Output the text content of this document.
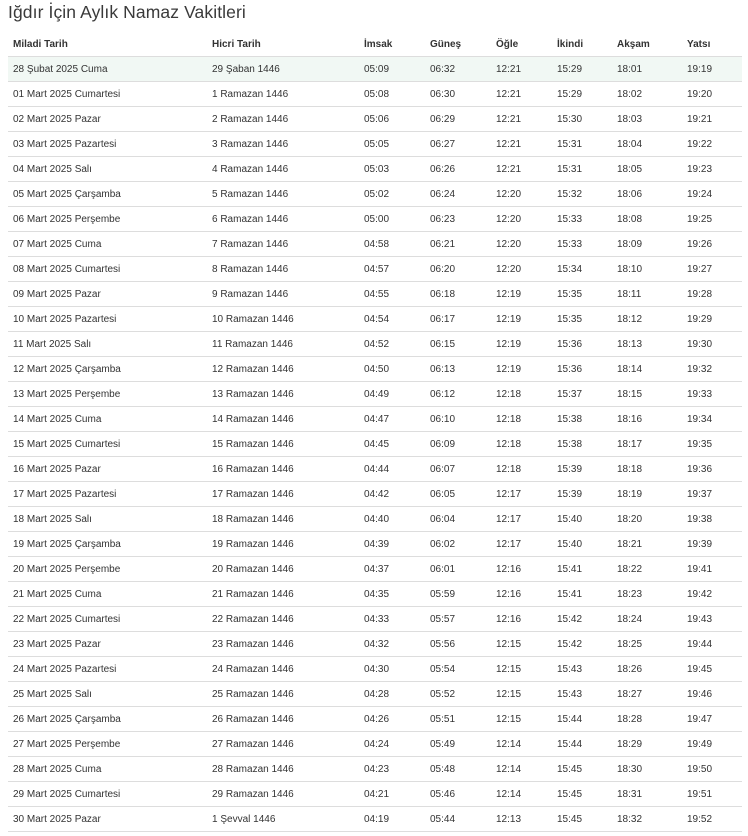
Iğdır İçin Aylık Namaz Vakitleri
Miladi Tarih	Hicri Tarih	İmsak	Güneş	Öğle	İkindi	Akşam	Yatsı
28 Şubat 2025 Cuma	29 Şaban 1446	05:09	06:32	12:21	15:29	18:01	19:19
01 Mart 2025 Cumartesi	1 Ramazan 1446	05:08	06:30	12:21	15:29	18:02	19:20
02 Mart 2025 Pazar	2 Ramazan 1446	05:06	06:29	12:21	15:30	18:03	19:21
03 Mart 2025 Pazartesi	3 Ramazan 1446	05:05	06:27	12:21	15:31	18:04	19:22
04 Mart 2025 Salı	4 Ramazan 1446	05:03	06:26	12:21	15:31	18:05	19:23
05 Mart 2025 Çarşamba	5 Ramazan 1446	05:02	06:24	12:20	15:32	18:06	19:24
06 Mart 2025 Perşembe	6 Ramazan 1446	05:00	06:23	12:20	15:33	18:08	19:25
07 Mart 2025 Cuma	7 Ramazan 1446	04:58	06:21	12:20	15:33	18:09	19:26
08 Mart 2025 Cumartesi	8 Ramazan 1446	04:57	06:20	12:20	15:34	18:10	19:27
09 Mart 2025 Pazar	9 Ramazan 1446	04:55	06:18	12:19	15:35	18:11	19:28
10 Mart 2025 Pazartesi	10 Ramazan 1446	04:54	06:17	12:19	15:35	18:12	19:29
11 Mart 2025 Salı	11 Ramazan 1446	04:52	06:15	12:19	15:36	18:13	19:30
12 Mart 2025 Çarşamba	12 Ramazan 1446	04:50	06:13	12:19	15:36	18:14	19:32
13 Mart 2025 Perşembe	13 Ramazan 1446	04:49	06:12	12:18	15:37	18:15	19:33
14 Mart 2025 Cuma	14 Ramazan 1446	04:47	06:10	12:18	15:38	18:16	19:34
15 Mart 2025 Cumartesi	15 Ramazan 1446	04:45	06:09	12:18	15:38	18:17	19:35
16 Mart 2025 Pazar	16 Ramazan 1446	04:44	06:07	12:18	15:39	18:18	19:36
17 Mart 2025 Pazartesi	17 Ramazan 1446	04:42	06:05	12:17	15:39	18:19	19:37
18 Mart 2025 Salı	18 Ramazan 1446	04:40	06:04	12:17	15:40	18:20	19:38
19 Mart 2025 Çarşamba	19 Ramazan 1446	04:39	06:02	12:17	15:40	18:21	19:39
20 Mart 2025 Perşembe	20 Ramazan 1446	04:37	06:01	12:16	15:41	18:22	19:41
21 Mart 2025 Cuma	21 Ramazan 1446	04:35	05:59	12:16	15:41	18:23	19:42
22 Mart 2025 Cumartesi	22 Ramazan 1446	04:33	05:57	12:16	15:42	18:24	19:43
23 Mart 2025 Pazar	23 Ramazan 1446	04:32	05:56	12:15	15:42	18:25	19:44
24 Mart 2025 Pazartesi	24 Ramazan 1446	04:30	05:54	12:15	15:43	18:26	19:45
25 Mart 2025 Salı	25 Ramazan 1446	04:28	05:52	12:15	15:43	18:27	19:46
26 Mart 2025 Çarşamba	26 Ramazan 1446	04:26	05:51	12:15	15:44	18:28	19:47
27 Mart 2025 Perşembe	27 Ramazan 1446	04:24	05:49	12:14	15:44	18:29	19:49
28 Mart 2025 Cuma	28 Ramazan 1446	04:23	05:48	12:14	15:45	18:30	19:50
29 Mart 2025 Cumartesi	29 Ramazan 1446	04:21	05:46	12:14	15:45	18:31	19:51
30 Mart 2025 Pazar	1 Şevval 1446	04:19	05:44	12:13	15:45	18:32	19:52
